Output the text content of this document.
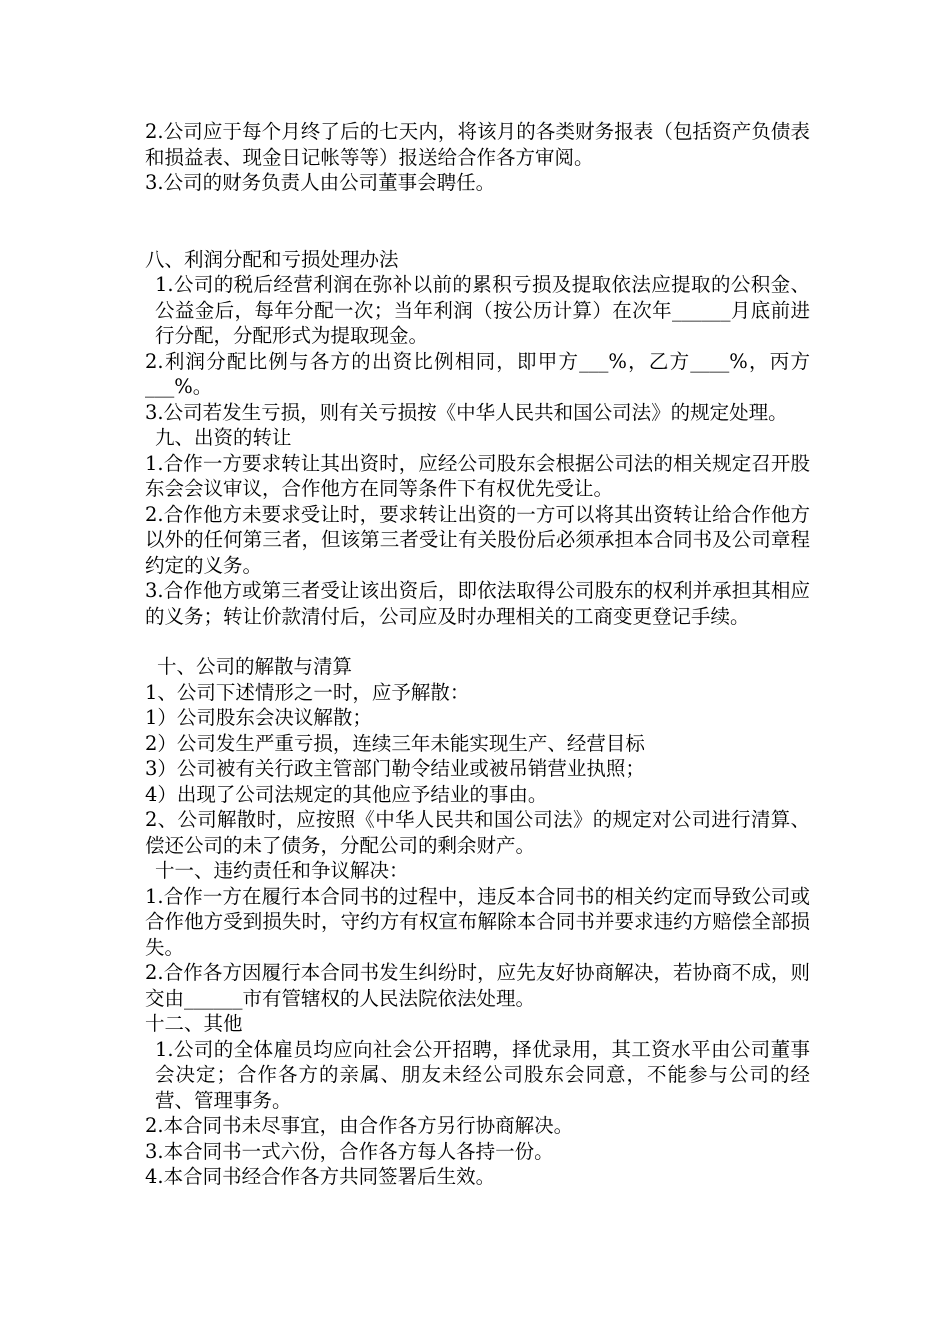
2.公司应于每个月终了后的七天内，将该月的各类财务报表（包括资产负债表和损益表、现金日记帐等等）报送给合作各方审阅。

3.公司的财务负责人由公司董事会聘任。

八、利润分配和亏损处理办法

1.公司的税后经营利润在弥补以前的累积亏损及提取依法应提取的公积金、公益金后，每年分配一次；当年利润（按公历计算）在次年______月底前进行分配，分配形式为提取现金。

2.利润分配比例与各方的出资比例相同，即甲方___%，乙方____%，丙方___%。

3.公司若发生亏损，则有关亏损按《中华人民共和国公司法》的规定处理。

九、出资的转让

1.合作一方要求转让其出资时，应经公司股东会根据公司法的相关规定召开股东会会议审议，合作他方在同等条件下有权优先受让。

2.合作他方未要求受让时，要求转让出资的一方可以将其出资转让给合作他方以外的任何第三者，但该第三者受让有关股份后必须承担本合同书及公司章程约定的义务。

3.合作他方或第三者受让该出资后，即依法取得公司股东的权利并承担其相应的义务；转让价款清付后，公司应及时办理相关的工商变更登记手续。

十、公司的解散与清算

1、公司下述情形之一时，应予解散：

1）公司股东会决议解散；

2）公司发生严重亏损，连续三年未能实现生产、经营目标

3）公司被有关行政主管部门勒令结业或被吊销营业执照；

4）出现了公司法规定的其他应予结业的事由。

2、公司解散时，应按照《中华人民共和国公司法》的规定对公司进行清算、偿还公司的未了债务，分配公司的剩余财产。

十一、违约责任和争议解决：

1.合作一方在履行本合同书的过程中，违反本合同书的相关约定而导致公司或合作他方受到损失时，守约方有权宣布解除本合同书并要求违约方赔偿全部损失。

2.合作各方因履行本合同书发生纠纷时，应先友好协商解决，若协商不成，则交由______市有管辖权的人民法院依法处理。

十二、其他

1.公司的全体雇员均应向社会公开招聘，择优录用，其工资水平由公司董事会决定；合作各方的亲属、朋友未经公司股东会同意，不能参与公司的经营、管理事务。

2.本合同书未尽事宜，由合作各方另行协商解决。

3.本合同书一式六份，合作各方每人各持一份。

4.本合同书经合作各方共同签署后生效。
